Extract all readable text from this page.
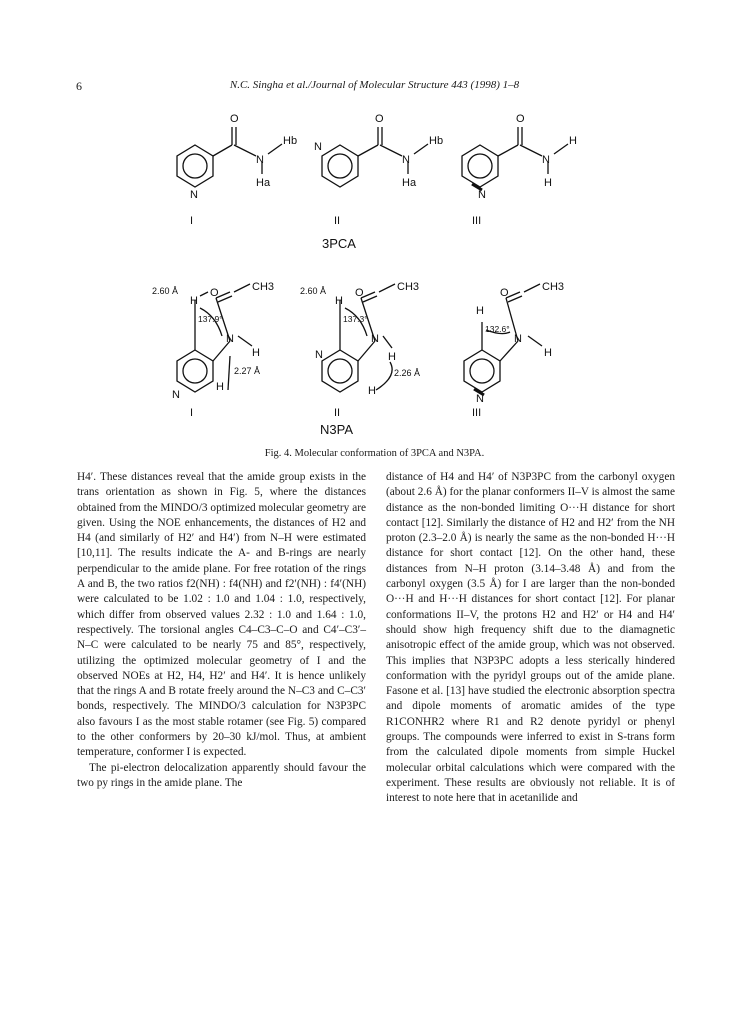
6	N.C. Singha et al./Journal of Molecular Structure 443 (1998) 1–8
O
N
Hb
Ha
N
I
O
N
Hb
Ha
N
II
3PCA
O
N
H
H
N
III
2.60 Å	O	CH3
H
137.9°
N
H
2.27 Å
H
N
I
2.60 Å	O	CH3
H
137.3°
N
H
2.26 Å
H
N
II
N3PA
O	CH3
H
132.6°
N
H
N
III
Fig. 4. Molecular conformation of 3PCA and N3PA.

H4′. These distances reveal that the amide group exists in the trans orientation as shown in Fig. 5, where the distances obtained from the MINDO/3 optimized molecular geometry are given. Using the NOE enhancements, the distances of H2 and H4 (and similarly of H2′ and H4′) from N–H were estimated [10,11]. The results indicate the A- and B-rings are nearly perpendicular to the amide plane. For free rotation of the rings A and B, the two ratios f2(NH) : f4(NH) and f2′(NH) : f4′(NH) were calculated to be 1.02 : 1.0 and 1.04 : 1.0, respectively, which differ from observed values 2.32 : 1.0 and 1.64 : 1.0, respectively. The torsional angles C4–C3–C–O and C4′–C3′–N–C were calculated to be nearly 75 and 85°, respectively, utilizing the optimized molecular geometry of I and the observed NOEs at H2, H4, H2′ and H4′. It is hence unlikely that the rings A and B rotate freely around the N–C3 and C–C3′ bonds, respectively. The MINDO/3 calculation for N3P3PC also favours I as the most stable rotamer (see Fig. 5) compared to the other conformers by 20–30 kJ/mol. Thus, at ambient temperature, conformer I is expected.

The pi-electron delocalization apparently should favour the two py rings in the amide plane. The

distance of H4 and H4′ of N3P3PC from the carbonyl oxygen (about 2.6 Å) for the planar conformers II–V is almost the same distance as the non-bonded limiting O···H distance for short contact [12]. Similarly the distance of H2 and H2′ from the NH proton (2.3–2.0 Å) is nearly the same as the non-bonded H···H distance for short contact [12]. On the other hand, these distances from N–H proton (3.14–3.48 Å) and from the carbonyl oxygen (3.5 Å) for I are larger than the non-bonded O···H and H···H distances for short contact [12]. For planar conformations II–V, the protons H2 and H2′ or H4 and H4′ should show high frequency shift due to the diamagnetic anisotropic effect of the amide group, which was not observed. This implies that N3P3PC adopts a less sterically hindered conformation with the pyridyl groups out of the amide plane. Fasone et al. [13] have studied the electronic absorption spectra and dipole moments of aromatic amides of the type R1CONHR2 where R1 and R2 denote pyridyl or phenyl groups. The compounds were inferred to exist in S-trans form from the calculated dipole moments from simple Huckel molecular orbital calculations which were compared with the experiment. These results are obviously not reliable. It is of interest to note here that in acetanilide and
